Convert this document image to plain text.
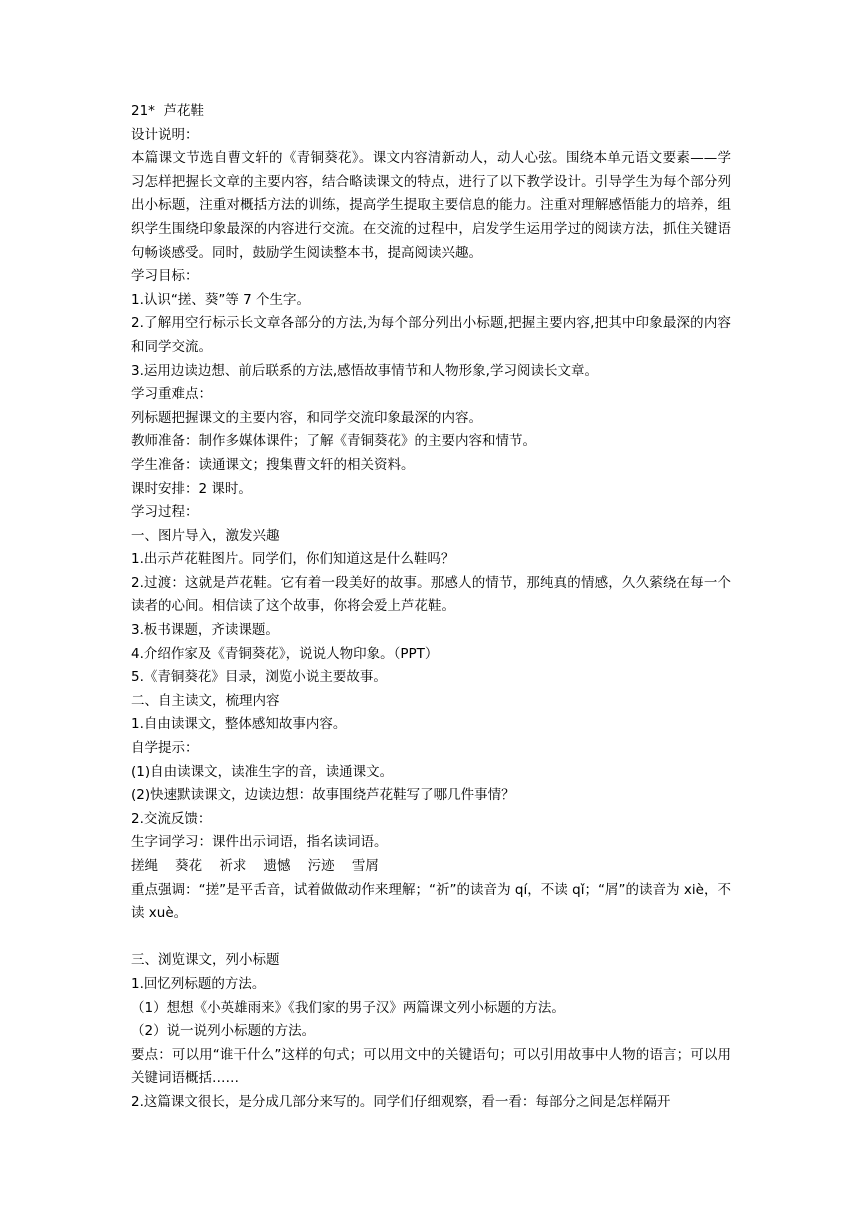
21*  芦花鞋
设计说明：
本篇课文节选自曹文轩的《青铜葵花》。课文内容清新动人，动人心弦。围绕本单元语文要素——学习怎样把握长文章的主要内容，结合略读课文的特点，进行了以下教学设计。引导学生为每个部分列出小标题，注重对概括方法的训练，提高学生提取主要信息的能力。注重对理解感悟能力的培养，组织学生围绕印象最深的内容进行交流。在交流的过程中，启发学生运用学过的阅读方法，抓住关键语句畅谈感受。同时，鼓励学生阅读整本书，提高阅读兴趣。
学习目标：
1.认识“搓、葵”等 7 个生字。
2.了解用空行标示长文章各部分的方法,为每个部分列出小标题,把握主要内容,把其中印象最深的内容和同学交流。
3.运用边读边想、前后联系的方法,感悟故事情节和人物形象,学习阅读长文章。
学习重难点：
列标题把握课文的主要内容，和同学交流印象最深的内容。
教师准备：制作多媒体课件；了解《青铜葵花》的主要内容和情节。
学生准备：读通课文；搜集曹文轩的相关资料。
课时安排：2 课时。
学习过程：
一、图片导入，激发兴趣
1.出示芦花鞋图片。同学们，你们知道这是什么鞋吗？
2.过渡：这就是芦花鞋。它有着一段美好的故事。那感人的情节，那纯真的情感，久久萦绕在每一个读者的心间。相信读了这个故事，你将会爱上芦花鞋。
3.板书课题，齐读课题。
4.介绍作家及《青铜葵花》，说说人物印象。（PPT）
5.《青铜葵花》目录，浏览小说主要故事。
二、自主读文，梳理内容
1.自由读课文，整体感知故事内容。
自学提示：
(1)自由读课文，读准生字的音，读通课文。
(2)快速默读课文，边读边想：故事围绕芦花鞋写了哪几件事情？
2.交流反馈：
生字词学习：课件出示词语，指名读词语。
搓绳    葵花    祈求    遗憾    污迹    雪屑
重点强调：“搓”是平舌音，试着做做动作来理解；“祈”的读音为 qí，不读 qǐ；“屑”的读音为 xiè，不读 xuè。
三、浏览课文，列小标题
1.回忆列标题的方法。
（1）想想《小英雄雨来》《我们家的男子汉》两篇课文列小标题的方法。
（2）说一说列小标题的方法。
要点：可以用“谁干什么”这样的句式；可以用文中的关键语句；可以引用故事中人物的语言；可以用关键词语概括……
2.这篇课文很长，是分成几部分来写的。同学们仔细观察，看一看：每部分之间是怎样隔开
